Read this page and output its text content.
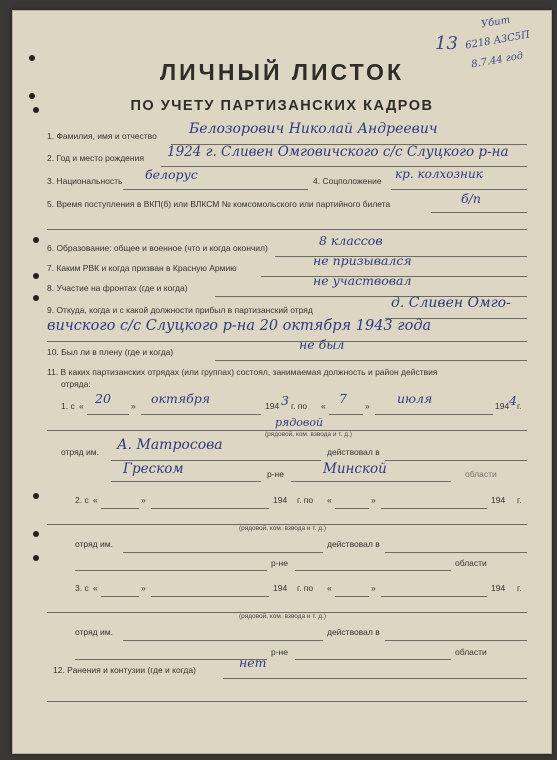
13
Убит
6218 А3С5П
8.7.44 год
ЛИЧНЫЙ ЛИСТОК
ПО УЧЕТУ ПАРТИЗАНСКИХ КАДРОВ
1. Фамилия, имя и отчество Белозорович Николай Андреевич
2. Год и место рождения 1924 г. Сливен Омговичского с/с Слуцкого р-на
3. Национальность белорус	4. Соцположение кр. колхозник
5. Время поступления в ВКП(б) или ВЛКСМ № комсомольского или партийного билета	б/п
6. Образование: общее и военное (что и когда окончил)	8 классов
7. Каким РВК и когда призван в Красную Армию	не призывался
8. Участие на фронтах (где и когда)	не участвовал
9. Откуда, когда и с какой должности прибыл в партизанский отряд	д. Сливен Омго-
вичского с/с Слуцкого р-на 20 октября 1943 года
10. Был ли в плену (где и когда)	не был
11. В каких партизанских отрядах (или группах) состоял, занимаемая должность и район действия
отряда:
1. с « 20 » октября	194 3 г. по « 7 » июля	194 4 г.
рядовой
(рядовой, ком. взвода и т. д.)
отряд им. А. Матросова	действовал в
Греском	р-не	Минской	области
2. с «	»	194 г. по «	»	194 г.
(рядовой, ком. взвода и т. д.)
отряд им.	действовал в
р-не	области
3. с «	»	194 г. по «	»	194 г.
(рядовой, ком. взвода и т. д.)
отряд им.	действовал в
р-не	области
12. Ранения и контузии (где и когда)	нет
